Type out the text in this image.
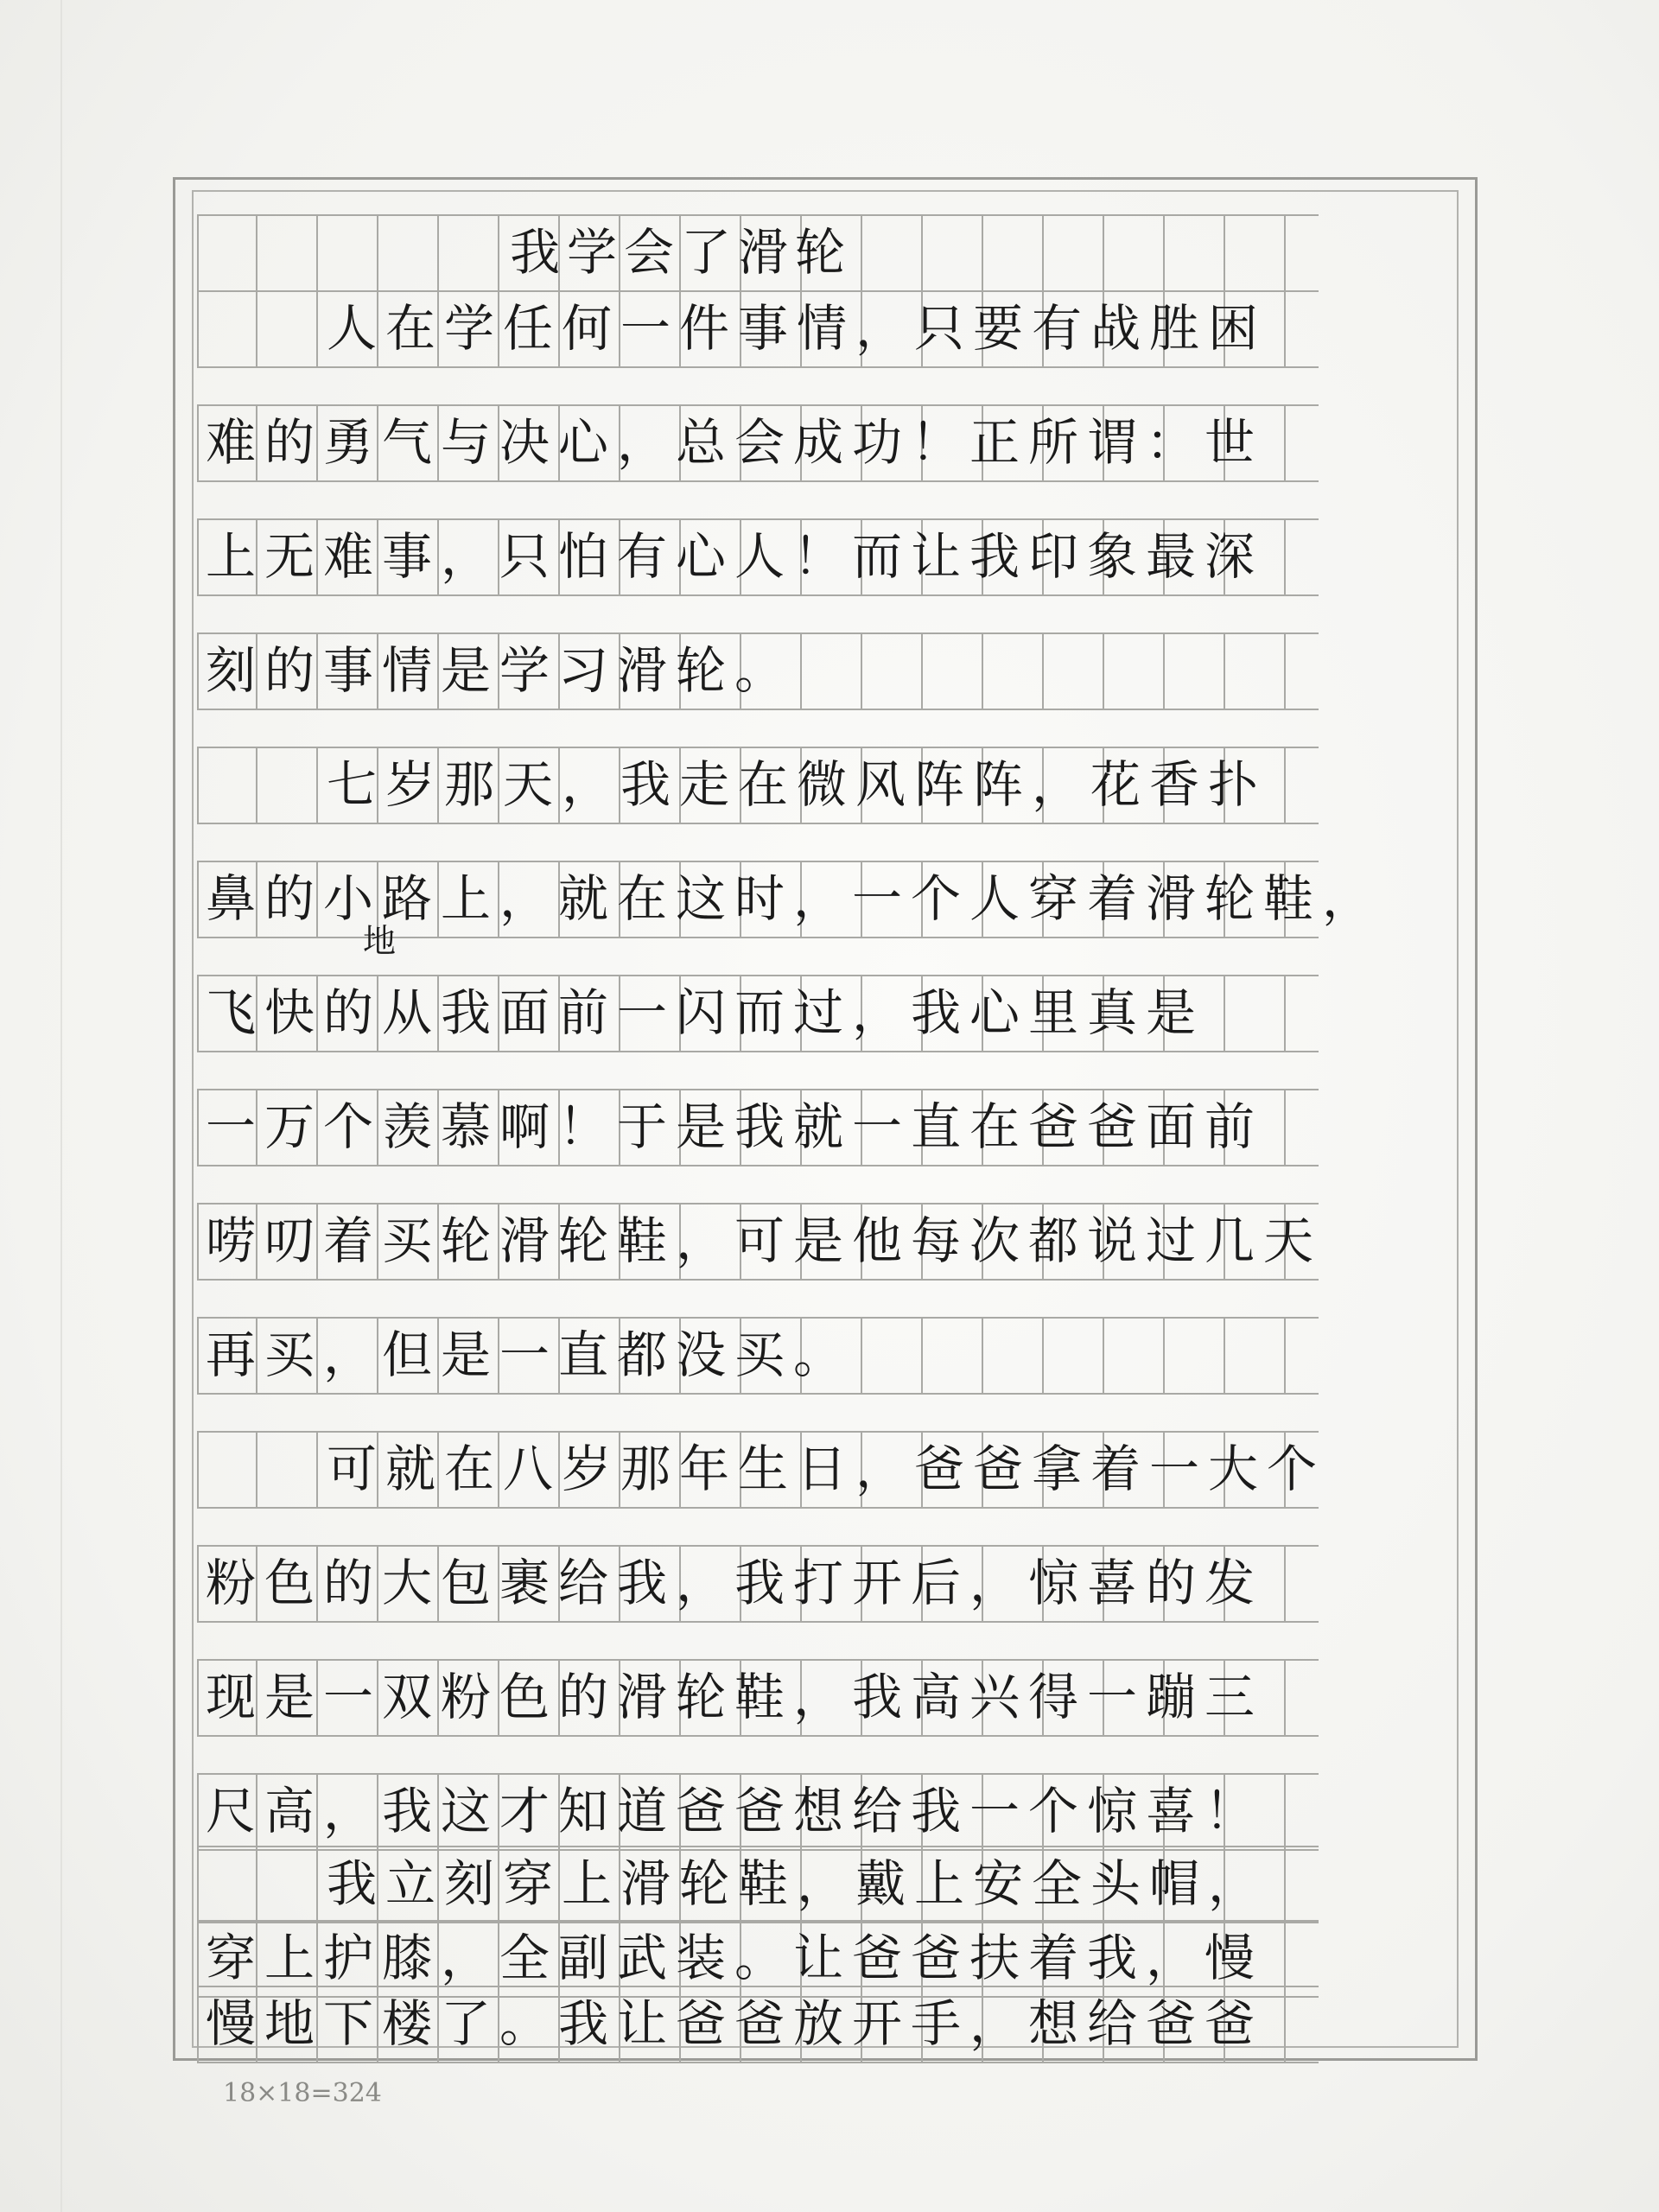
我学会了滑轮
人在学任何一件事情，只要有战胜困
难的勇气与决心，总会成功！正所谓：世
上无难事，只怕有心人！而让我印象最深
刻的事情是学习滑轮。
七岁那天，我走在微风阵阵，花香扑
鼻的小路上，就在这时，一个人穿着滑轮鞋，
飞快的从我面前一闪而过，我心里真是
一万个羡慕啊！于是我就一直在爸爸面前
唠叨着买轮滑轮鞋，可是他每次都说过几天
再买，但是一直都没买。
可就在八岁那年生日，爸爸拿着一大个
粉色的大包裹给我，我打开后，惊喜的发
现是一双粉色的滑轮鞋，我高兴得一蹦三
尺高，我这才知道爸爸想给我一个惊喜！
我立刻穿上滑轮鞋，戴上安全头帽，
穿上护膝，全副武装。让爸爸扶着我，慢
慢地下楼了。我让爸爸放开手，想给爸爸
地
18×18=324
